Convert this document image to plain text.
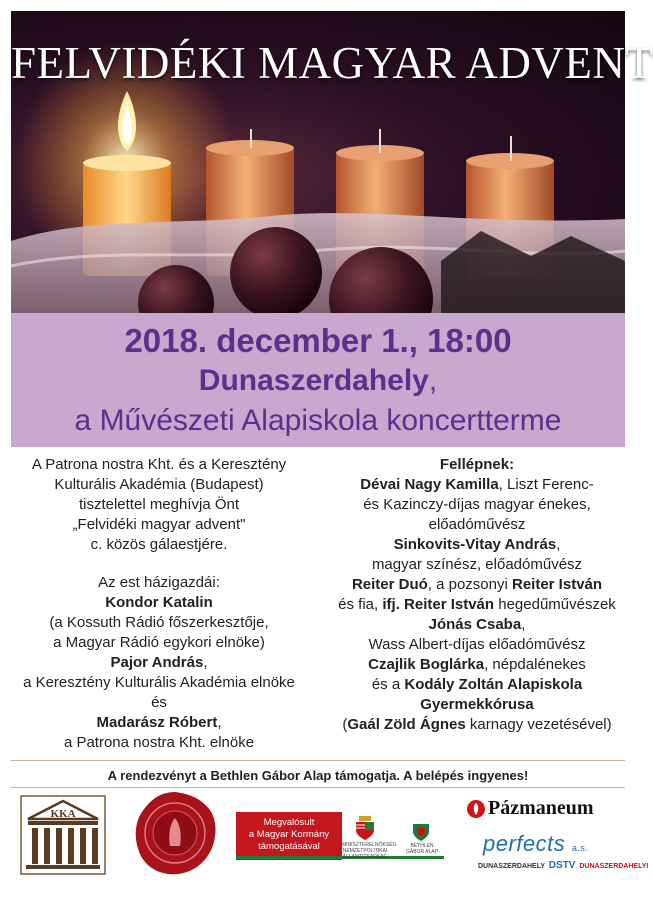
FELVIDÉKI MAGYAR ADVENT
2018. december 1., 18:00
Dunaszerdahely,
a Művészeti Alapiskola koncertterme
A Patrona nostra Kht. és a Keresztény
Kulturális Akadémia (Budapest)
tisztelettel meghívja Önt
„Felvidéki magyar advent"
c. közös gálaestjére.
Az est házigazdái:
Kondor Katalin
(a Kossuth Rádió főszerkesztője,
a Magyar Rádió egykori elnöke)
Pajor András,
a Keresztény Kulturális Akadémia elnöke
és
Madarász Róbert,
a Patrona nostra Kht. elnöke
Fellépnek:
Dévai Nagy Kamilla, Liszt Ferenc-
és Kazinczy-díjas magyar énekes,
előadóművész
Sinkovits-Vitay András,
magyar színész, előadóművész
Reiter Duó, a pozsonyi Reiter István
és fia, ifj. Reiter István hegedűművészek
Jónás Csaba,
Wass Albert-díjas előadóművész
Czajlik Boglárka, népdalénekes
és a Kodály Zoltán Alapiskola
Gyermekkórusa
(Gaál Zöld Ágnes karnagy vezetésével)
A rendezvényt a Bethlen Gábor Alap támogatja. A belépés ingyenes!
KKA
Megvalósult
a Magyar Kormány
támogatásával	MINISZTERELNÖKSÉG NEMZETPOLITIKAI ÁLLAMTITKÁRSÁG
BETHLEN GÁBOR ALAP
Pázmaneum
perfects a.s.
DUNASZERDAHELY DSTV DUNASZERDAHELYI
